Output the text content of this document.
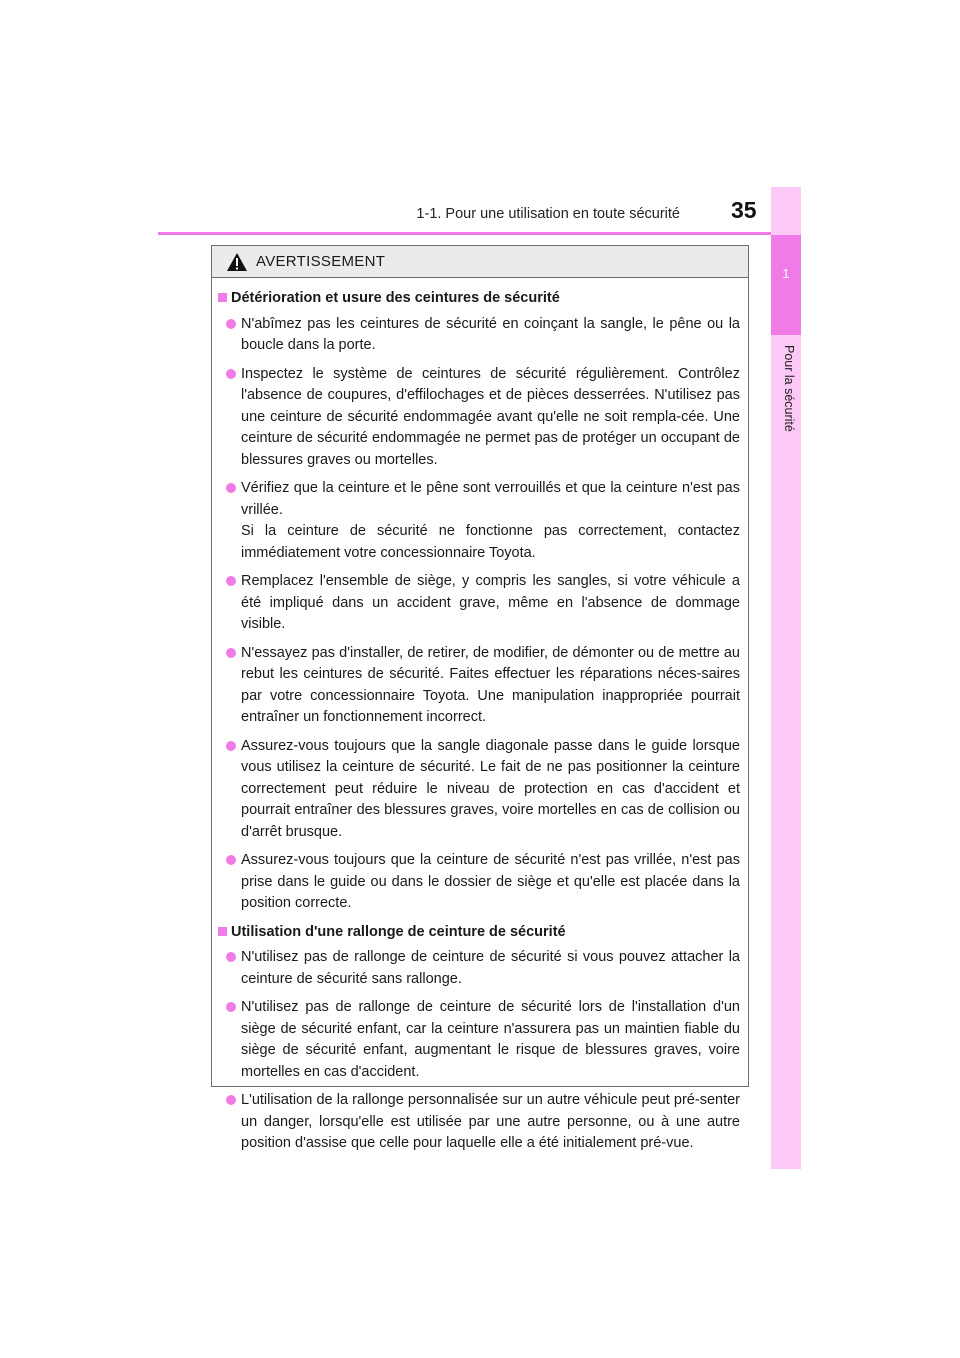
1-1. Pour une utilisation en toute sécurité 35
1
Pour la sécurité
AVERTISSEMENT
Détérioration et usure des ceintures de sécurité

N'abîmez pas les ceintures de sécurité en coinçant la sangle, le pêne ou la boucle dans la porte.

Inspectez le système de ceintures de sécurité régulièrement. Contrôlez l'absence de coupures, d'effilochages et de pièces desserrées. N'utilisez pas une ceinture de sécurité endommagée avant qu'elle ne soit rempla-cée. Une ceinture de sécurité endommagée ne permet pas de protéger un occupant de blessures graves ou mortelles.

Vérifiez que la ceinture et le pêne sont verrouillés et que la ceinture n'est pas vrillée.

Si la ceinture de sécurité ne fonctionne pas correctement, contactez immédiatement votre concessionnaire Toyota.

Remplacez l'ensemble de siège, y compris les sangles, si votre véhicule a été impliqué dans un accident grave, même en l'absence de dommage visible.

N'essayez pas d'installer, de retirer, de modifier, de démonter ou de mettre au rebut les ceintures de sécurité. Faites effectuer les réparations néces-saires par votre concessionnaire Toyota. Une manipulation inappropriée pourrait entraîner un fonctionnement incorrect.

Assurez-vous toujours que la sangle diagonale passe dans le guide lorsque vous utilisez la ceinture de sécurité. Le fait de ne pas positionner la ceinture correctement peut réduire le niveau de protection en cas d'accident et pourrait entraîner des blessures graves, voire mortelles en cas de collision ou d'arrêt brusque.

Assurez-vous toujours que la ceinture de sécurité n'est pas vrillée, n'est pas prise dans le guide ou dans le dossier de siège et qu'elle est placée dans la position correcte.

Utilisation d'une rallonge de ceinture de sécurité

N'utilisez pas de rallonge de ceinture de sécurité si vous pouvez attacher la ceinture de sécurité sans rallonge.

N'utilisez pas de rallonge de ceinture de sécurité lors de l'installation d'un siège de sécurité enfant, car la ceinture n'assurera pas un maintien fiable du siège de sécurité enfant, augmentant le risque de blessures graves, voire mortelles en cas d'accident.

L'utilisation de la rallonge personnalisée sur un autre véhicule peut pré-senter un danger, lorsqu'elle est utilisée par une autre personne, ou à une autre position d'assise que celle pour laquelle elle a été initialement pré-vue.
